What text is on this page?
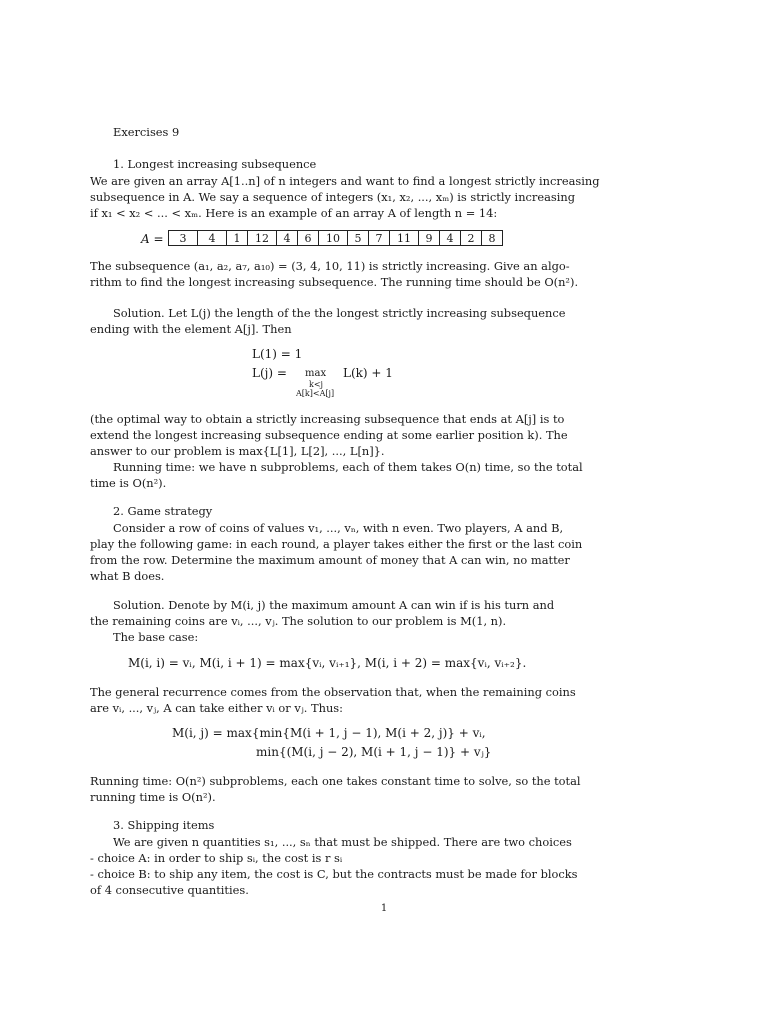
Exercises 9
1. Longest increasing subsequence
We are given an array A[1..n] of n integers and want to find a longest strictly increasing
subsequence in A. We say a sequence of integers (x₁, x₂, ..., xₘ) is strictly increasing
if x₁ < x₂ < ... < xₘ. Here is an example of an array A of length n = 14:
A = 3	4	1	12	4	6	10	5	7	11	9	4	2	8
The subsequence (a₁, a₂, a₇, a₁₀) = (3, 4, 10, 11) is strictly increasing. Give an algo-
rithm to find the longest increasing subsequence. The running time should be O(n²).
Solution. Let L(j) the length of the the longest strictly increasing subsequence
ending with the element A[j]. Then
L(1) = 1
L(j) = max L(k) + 1
k<j
A[k]<A[j]
(the optimal way to obtain a strictly increasing subsequence that ends at A[j] is to
extend the longest increasing subsequence ending at some earlier position k). The
answer to our problem is max{L[1], L[2], ..., L[n]}.
Running time: we have n subproblems, each of them takes O(n) time, so the total
time is O(n²).
2. Game strategy
Consider a row of coins of values v₁, ..., vₙ, with n even. Two players, A and B,
play the following game: in each round, a player takes either the first or the last coin
from the row. Determine the maximum amount of money that A can win, no matter
what B does.
Solution. Denote by M(i, j) the maximum amount A can win if is his turn and
the remaining coins are vᵢ, ..., vⱼ. The solution to our problem is M(1, n).
The base case:
M(i, i) = vᵢ, M(i, i + 1) = max{vᵢ, vᵢ₊₁}, M(i, i + 2) = max{vᵢ, vᵢ₊₂}.
The general recurrence comes from the observation that, when the remaining coins
are vᵢ, ..., vⱼ, A can take either vᵢ or vⱼ. Thus:
M(i, j) = max{min{M(i + 1, j − 1), M(i + 2, j)} + vᵢ,
min{(M(i, j − 2), M(i + 1, j − 1)} + vⱼ}
Running time: O(n²) subproblems, each one takes constant time to solve, so the total
running time is O(n²).
3. Shipping items
We are given n quantities s₁, ..., sₙ that must be shipped. There are two choices
- choice A: in order to ship sᵢ, the cost is r sᵢ
- choice B: to ship any item, the cost is C, but the contracts must be made for blocks
of 4 consecutive quantities.
1
